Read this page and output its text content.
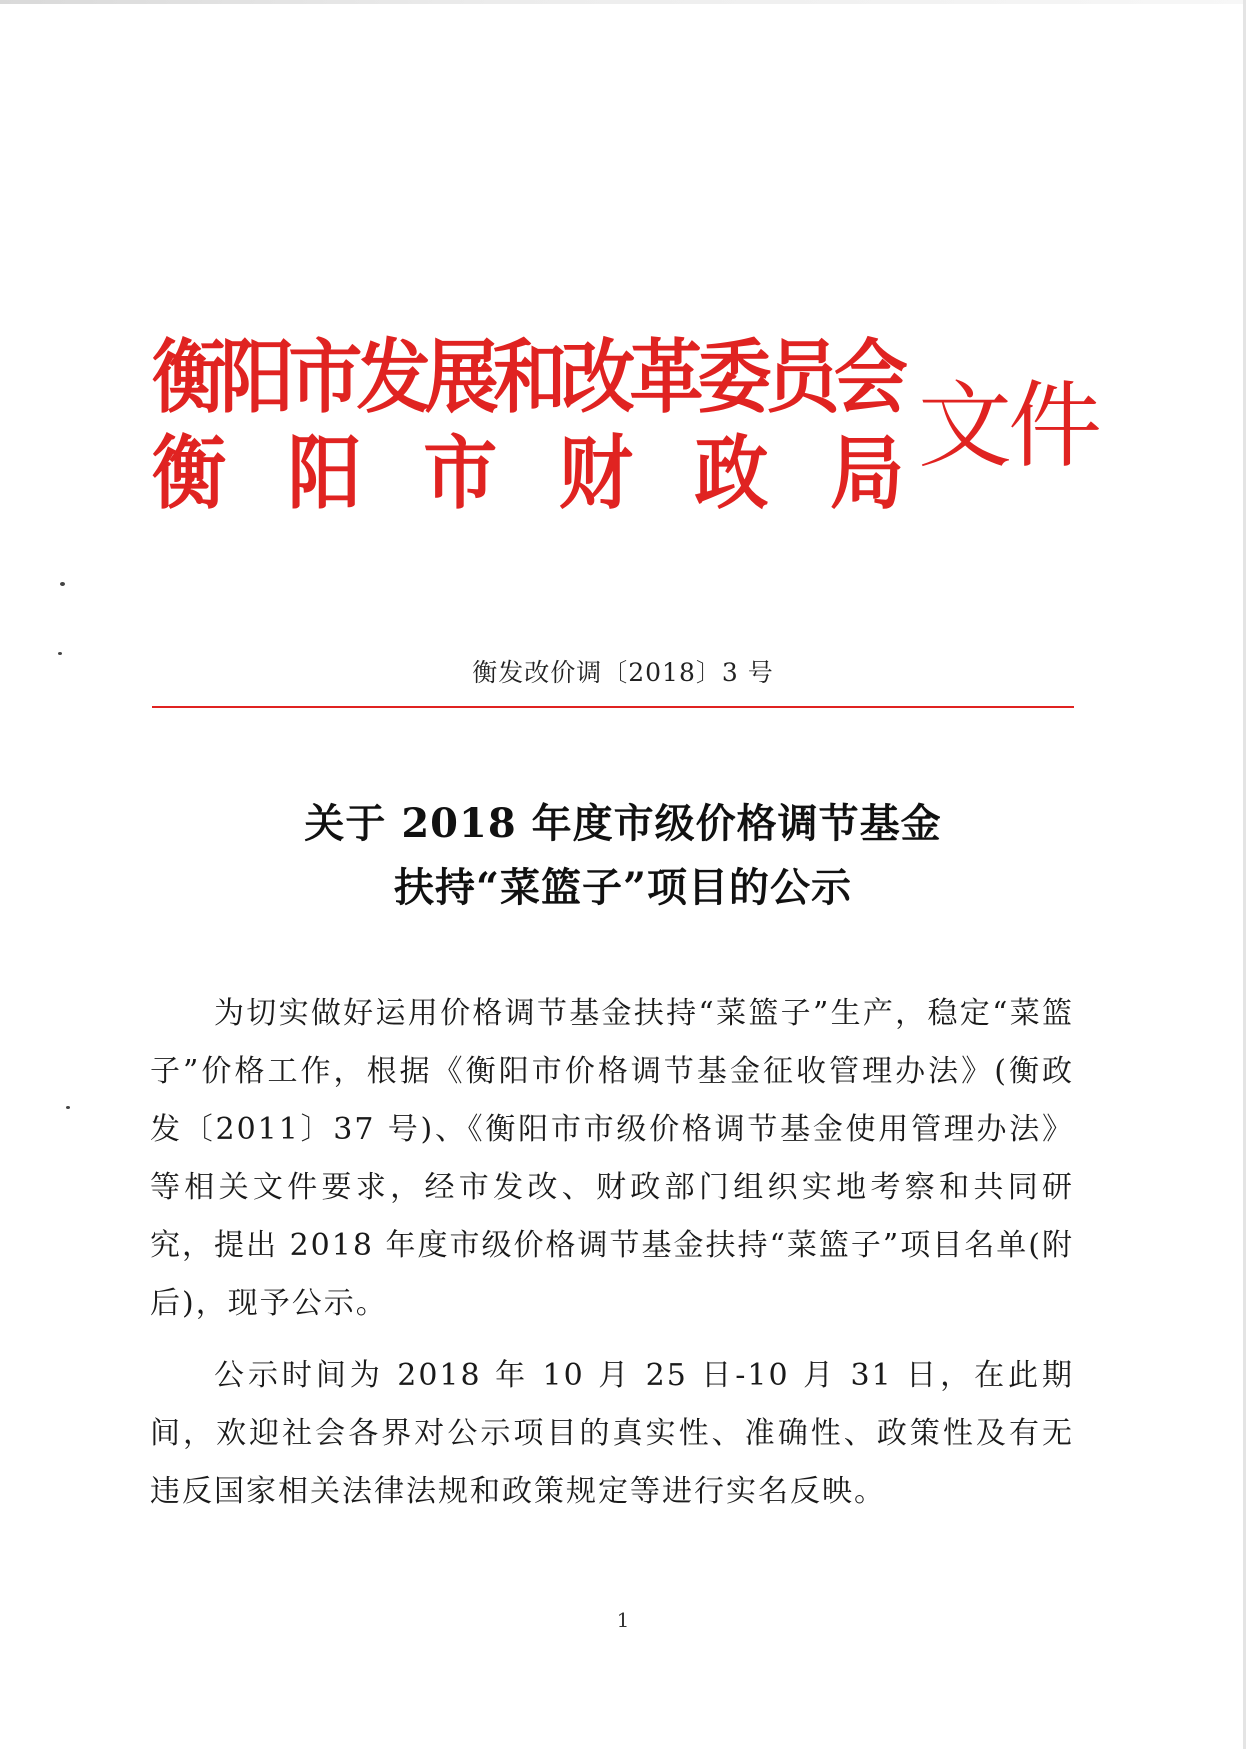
衡 阳 市 发 展 和 改 革 委 员 会
衡 阳 市 财 政 局 文件
衡发改价调〔2018〕3 号
关于 2018 年度市级价格调节基金
扶持“菜篮子”项目的公示

为切实做好运用价格调节基金扶持“菜篮子”生产，稳定“菜篮子”价格工作，根据《衡阳市价格调节基金征收管理办法》(衡政发〔2011〕37 号)、《衡阳市市级价格调节基金使用管理办法》等相关文件要求，经市发改、财政部门组织实地考察和共同研究，提出 2018 年度市级价格调节基金扶持“菜篮子”项目名单(附后)，现予公示。

公示时间为 2018 年 10 月 25 日-10 月 31 日，在此期间，欢迎社会各界对公示项目的真实性、准确性、政策性及有无违反国家相关法律法规和政策规定等进行实名反映。

1
